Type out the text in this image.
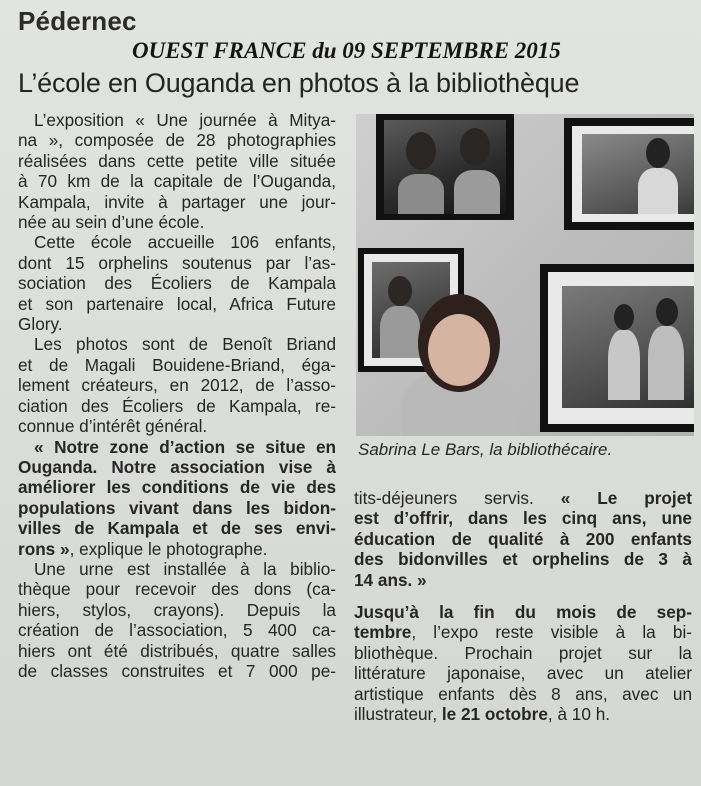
Pédernec
OUEST FRANCE du 09 SEPTEMBRE 2015
L’école en Ouganda en photos à la bibliothèque
L’exposition « Une journée à Mitya-
na », composée de 28 photographies
réalisées dans cette petite ville située
à 70 km de la capitale de l’Ouganda,
Kampala, invite à partager une jour-
née au sein d’une école.
Cette école accueille 106 enfants,
dont 15 orphelins soutenus par l’as-
sociation des Écoliers de Kampala
et son partenaire local, Africa Future
Glory.
Les photos sont de Benoît Briand
et de Magali Bouidene-Briand, éga-
lement créateurs, en 2012, de l’asso-
ciation des Écoliers de Kampala, re-
connue d’intérêt général.
« Notre zone d’action se situe en
Ouganda. Notre association vise à
améliorer les conditions de vie des
populations vivant dans les bidon-
villes de Kampala et de ses envi-
rons », explique le photographe.
Une urne est installée à la biblio-
thèque pour recevoir des dons (ca-
hiers, stylos, crayons). Depuis la
création de l’association, 5 400 ca-
hiers ont été distribués, quatre salles
de classes construites et 7 000 pe-
Sabrina Le Bars, la bibliothécaire.
tits-déjeuners servis. « Le projet
est d’offrir, dans les cinq ans, une
éducation de qualité à 200 enfants
des bidonvilles et orphelins de 3 à
14 ans. »
Jusqu’à la fin du mois de sep-
tembre, l’expo reste visible à la bi-
bliothèque. Prochain projet sur la
littérature japonaise, avec un atelier
artistique enfants dès 8 ans, avec un
illustrateur, le 21 octobre, à 10 h.
